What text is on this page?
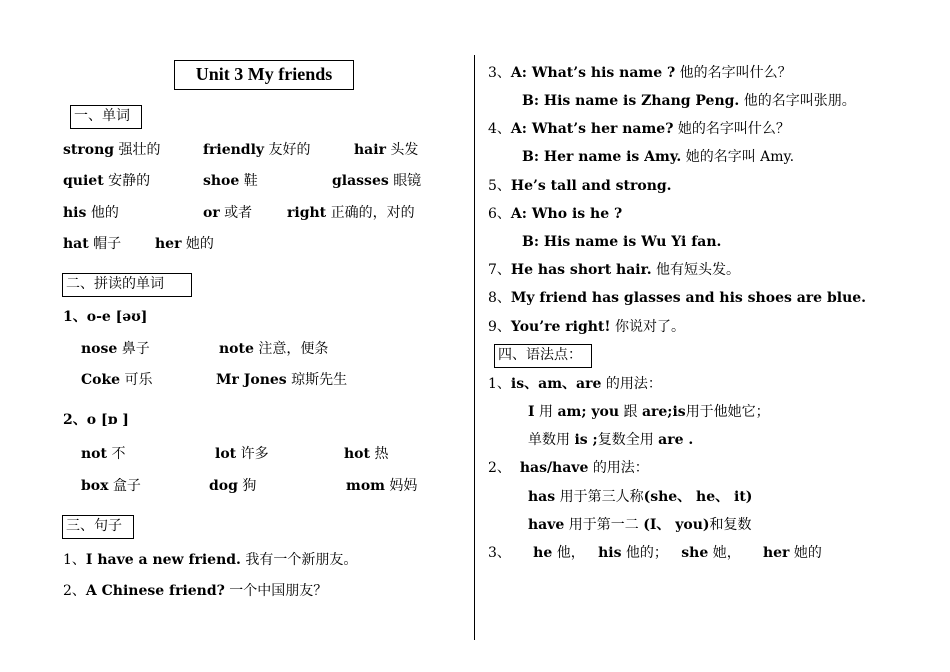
Unit 3 My friends
一、单词
strong 强壮的	friendly 友好的	hair 头发
quiet 安静的	shoe 鞋	glasses 眼镜
his 他的	or 或者 right 正确的，对的
hat 帽子 her 她的
二、拼读的单词
1、o-e [əʊ]
nose 鼻子	note 注意，便条
Coke 可乐	Mr Jones 琼斯先生
2、o [ɒ ]
not 不	lot 许多	hot 热
box 盒子	dog 狗	mom 妈妈
三、句子
1、I have a new friend. 我有一个新朋友。
2、A Chinese friend? 一个中国朋友？
3、A: What’s his name ? 他的名字叫什么？
B: His name is Zhang Peng. 他的名字叫张朋。
4、A: What’s her name? 她的名字叫什么？
B: Her name is Amy. 她的名字叫 Amy.
5、He’s tall and strong.
6、A: Who is he ?
B: His name is Wu Yi fan.
7、He has short hair. 他有短头发。
8、My friend has glasses and his shoes are blue.
9、You’re right! 你说对了。
四、语法点：
1、is、am、are 的用法：
I 用 am; you 跟 are;is用于他她它；
单数用 is ;复数全用 are .
2、  has/have 的用法：
has 用于第三人称(she、 he、 it)
have 用于第一二 (I、 you)和复数
3、     he 他， his 他的； she 她， her 她的
